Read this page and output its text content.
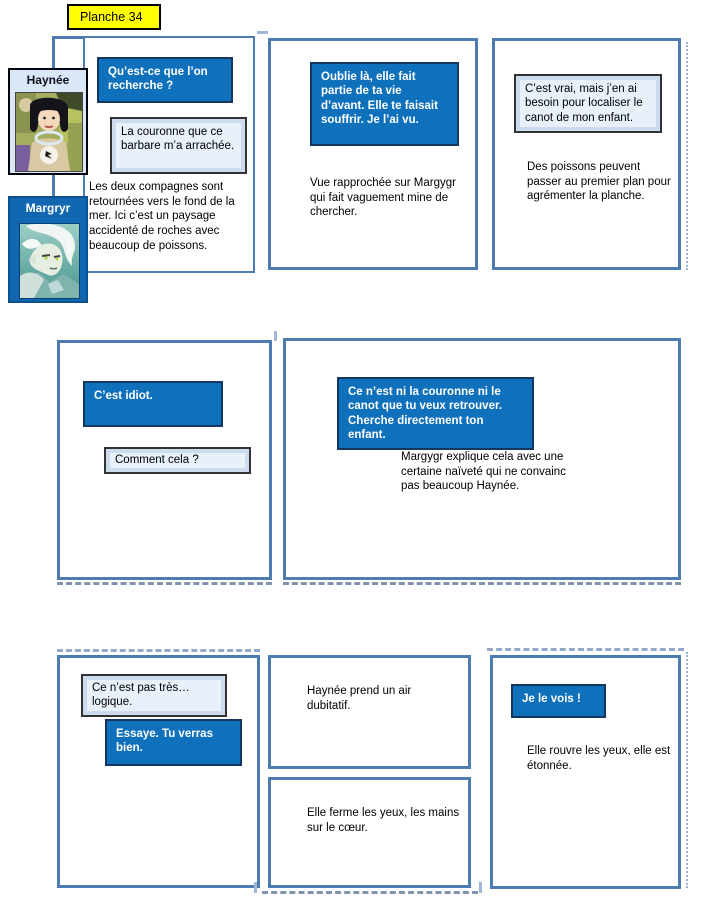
Planche 34
Qu’est-ce que l’on recherche ?
La couronne que ce barbare m’a arrachée.
Les deux compagnes sont retournées vers le fond de la mer. Ici c’est un paysage accidenté de roches avec beaucoup de poissons.
Oublie là, elle fait partie de ta vie d’avant. Elle te faisait souffrir. Je l’ai vu.
Vue rapprochée sur Margygr qui fait vaguement mine de chercher.
C’est vrai, mais j’en ai besoin pour localiser le canot de mon enfant.
Des poissons peuvent passer au premier plan pour agrémenter la planche.
C’est idiot.
Comment cela ?
Ce n’est ni la couronne ni le canot que tu veux retrouver. Cherche directement ton enfant.
Margygr explique cela avec une certaine naïveté qui ne convainc pas beaucoup Haynée.
Ce n’est pas très… logique.
Essaye. Tu verras bien.
Haynée prend un air dubitatif.
Elle ferme les yeux, les mains sur le cœur.
Je le vois !
Elle rouvre les yeux, elle est étonnée.
Haynée
Margryr
